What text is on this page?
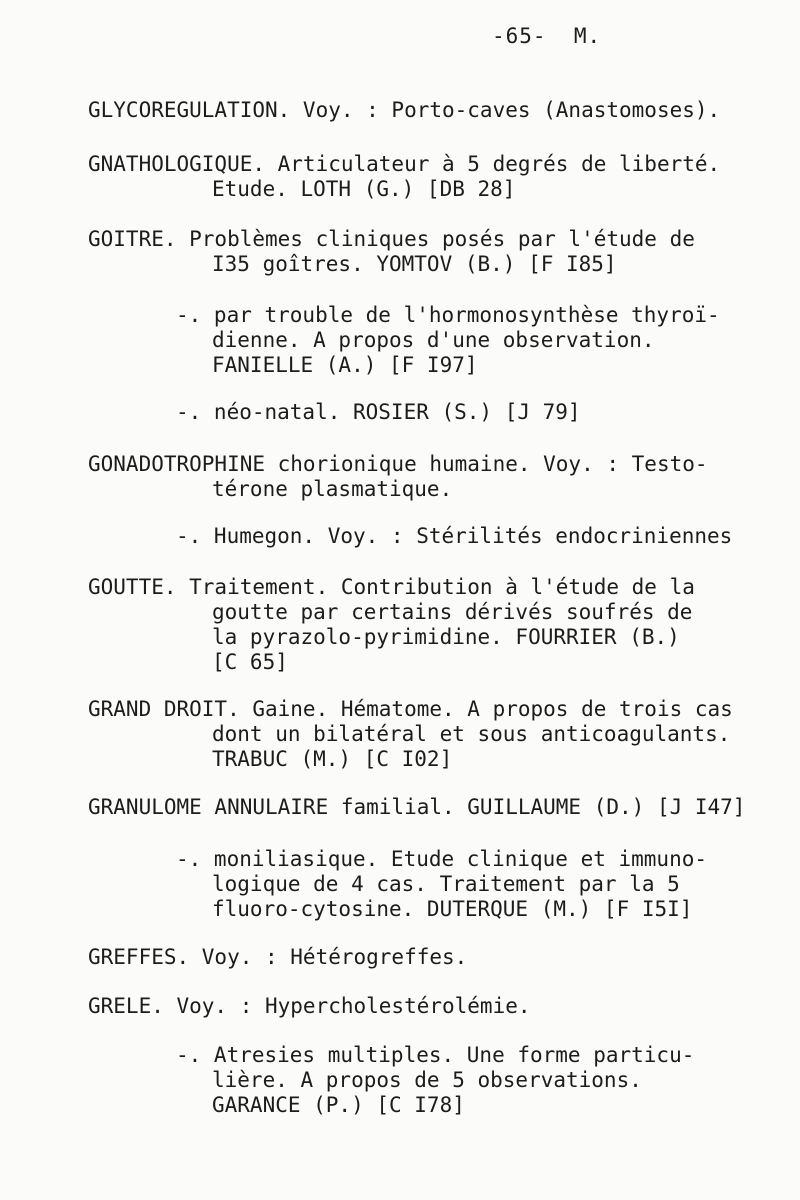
-65- M.
GLYCOREGULATION. Voy. : Porto-caves (Anastomoses).
GNATHOLOGIQUE. Articulateur à 5 degrés de liberté.
Etude. LOTH (G.) [DB 28]
GOITRE. Problèmes cliniques posés par l'étude de
I35 goîtres. YOMTOV (B.) [F I85]
-. par trouble de l'hormonosynthèse thyroï-
dienne. A propos d'une observation.
FANIELLE (A.) [F I97]
-. néo-natal. ROSIER (S.) [J 79]
GONADOTROPHINE chorionique humaine. Voy. : Testo-
térone plasmatique.
-. Humegon. Voy. : Stérilités endocriniennes
GOUTTE. Traitement. Contribution à l'étude de la
goutte par certains dérivés soufrés de
la pyrazolo-pyrimidine. FOURRIER (B.)
[C 65]
GRAND DROIT. Gaine. Hématome. A propos de trois cas
dont un bilatéral et sous anticoagulants.
TRABUC (M.) [C I02]
GRANULOME ANNULAIRE familial. GUILLAUME (D.) [J I47]
-. moniliasique. Etude clinique et immuno-
logique de 4 cas. Traitement par la 5
fluoro-cytosine. DUTERQUE (M.) [F I5I]
GREFFES. Voy. : Hétérogreffes.
GRELE. Voy. : Hypercholestérolémie.
-. Atresies multiples. Une forme particu-
lière. A propos de 5 observations.
GARANCE (P.) [C I78]
